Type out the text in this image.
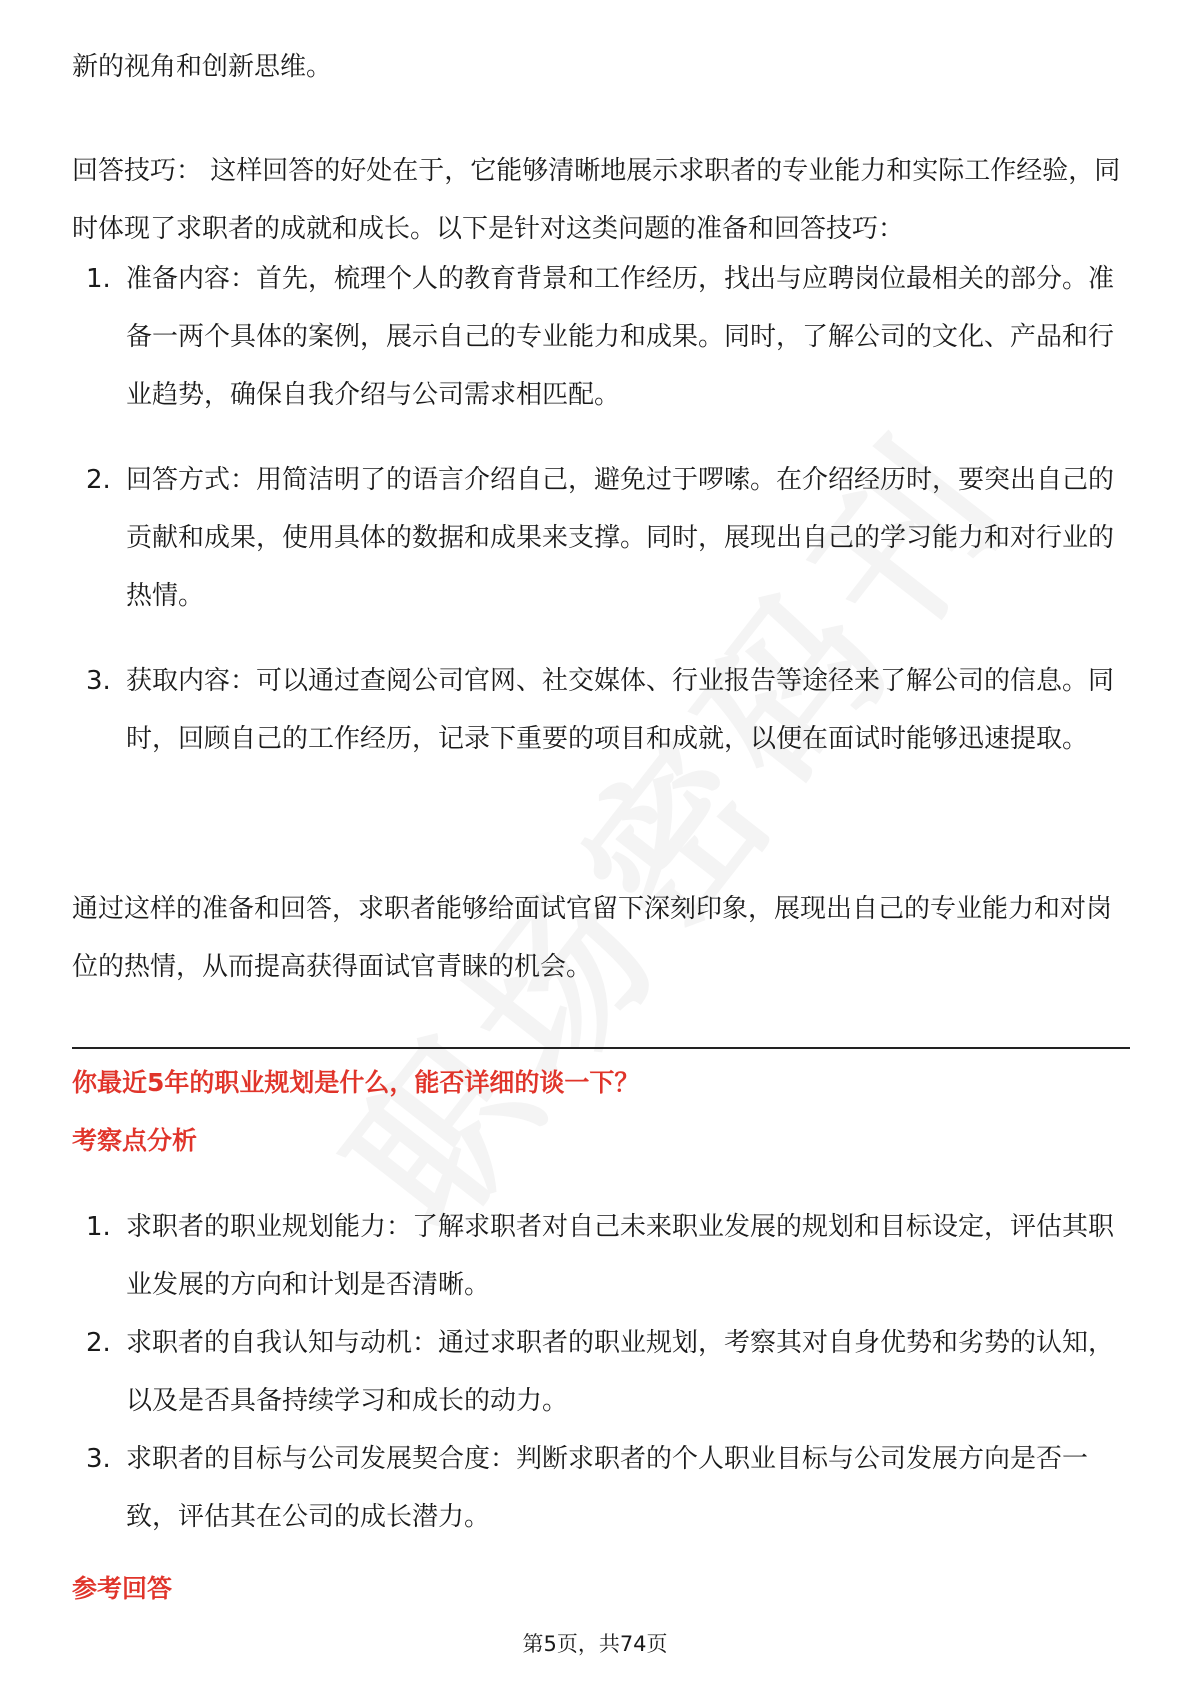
新的视角和创新思维。

回答技巧： 这样回答的好处在于，它能够清晰地展示求职者的专业能力和实际工作经验，同时体现了求职者的成就和成长。以下是针对这类问题的准备和回答技巧：

1. 准备内容：首先，梳理个人的教育背景和工作经历，找出与应聘岗位最相关的部分。准备一两个具体的案例，展示自己的专业能力和成果。同时，了解公司的文化、产品和行业趋势，确保自我介绍与公司需求相匹配。
2. 回答方式：用简洁明了的语言介绍自己，避免过于啰嗦。在介绍经历时，要突出自己的贡献和成果，使用具体的数据和成果来支撑。同时，展现出自己的学习能力和对行业的热情。
3. 获取内容：可以通过查阅公司官网、社交媒体、行业报告等途径来了解公司的信息。同时，回顾自己的工作经历，记录下重要的项目和成就，以便在面试时能够迅速提取。

通过这样的准备和回答，求职者能够给面试官留下深刻印象，展现出自己的专业能力和对岗位的热情，从而提高获得面试官青睐的机会。

你最近5年的职业规划是什么，能否详细的谈一下？
考察点分析
1. 求职者的职业规划能力：了解求职者对自己未来职业发展的规划和目标设定，评估其职业发展的方向和计划是否清晰。
2. 求职者的自我认知与动机：通过求职者的职业规划，考察其对自身优势和劣势的认知，以及是否具备持续学习和成长的动力。
3. 求职者的目标与公司发展契合度：判断求职者的个人职业目标与公司发展方向是否一致，评估其在公司的成长潜力。
参考回答
第5页，共74页
